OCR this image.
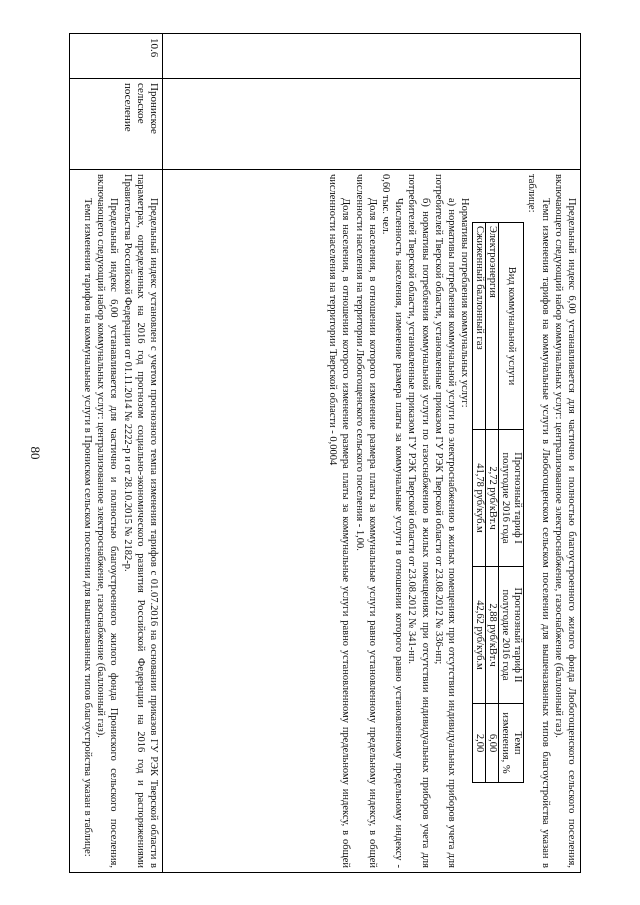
80
			Предельный индекс 6,00 устанавливается для частично и полностью благоустроенного жилого фонда Любогощенского сельского поселения, включающего следующий набор коммунальных услуг: централизованное электроснабжение, газоснабжение (баллонный газ).

Темп изменения тарифов на коммунальные услуги в Любогощенском сельском поселении для вышеназванных типов благоустройства указан в таблице:

Вид коммунальной услуги	Прогнозный тариф I полугодие 2016 года	Прогнозный тариф II полугодие 2016 года	Темп изменения, %
Электроэнергия	2,72 руб/кВт.ч	2,88 руб/кВт.ч	6,00
Сжиженный баллонный газ	41,78 руб/куб.м	42,62 руб/куб.м	2,00

Нормативы потребления коммунальных услуг:

а) нормативы потребления коммунальной услуги по электроснабжению в жилых помещениях при отсутствии индивидуальных приборов учета для потребителей Тверской области, установленные приказом ГУ РЭК Тверской области от 23.08.2012 № 336-нп;

б) нормативы потребления коммунальной услуги по газоснабжению в жилых помещениях при отсутствии индивидуальных приборов учета для потребителей Тверской области, установленные приказом ГУ РЭК Тверской области от 23.08.2012 № 341-нп.

Численность населения, изменение размера платы за коммунальные услуги в отношении которого равно установленному предельному индексу - 0,60 тыс. чел.

Доля населения, в отношении которого изменение размера платы за коммунальные услуги равно установленному предельному индексу, в общей численности населения на территории Любогощенского сельского поселения - 1,00.

Доля населения, в отношении которого изменение размера платы за коммунальные услуги равно установленному предельному индексу, в общей численности населения на территории Тверской области - 0,0004

10.6	Прониское сельское поселение	

Предельный индекс установлен с учетом прогнозного темпа изменения тарифов с 01.07.2016 на основании приказов ГУ РЭК Тверской области в параметрах, определенных на 2016 год прогнозом социально-экономического развития Российской Федерации на 2016 год и распоряжениями Правительства Российской Федерации от 01.11.2014 № 2222-р и от 28.10.2015 № 2182-р.

Предельный индекс 6,00 устанавливается для частично и полностью благоустроенного жилого фонда Прониского сельского поселения, включающего следующий набор коммунальных услуг: централизованное электроснабжение, газоснабжение (баллонный газ).

Темп изменения тарифов на коммунальные услуги в Прониском сельском поселении для вышеназванных типов благоустройства указан в таблице:
